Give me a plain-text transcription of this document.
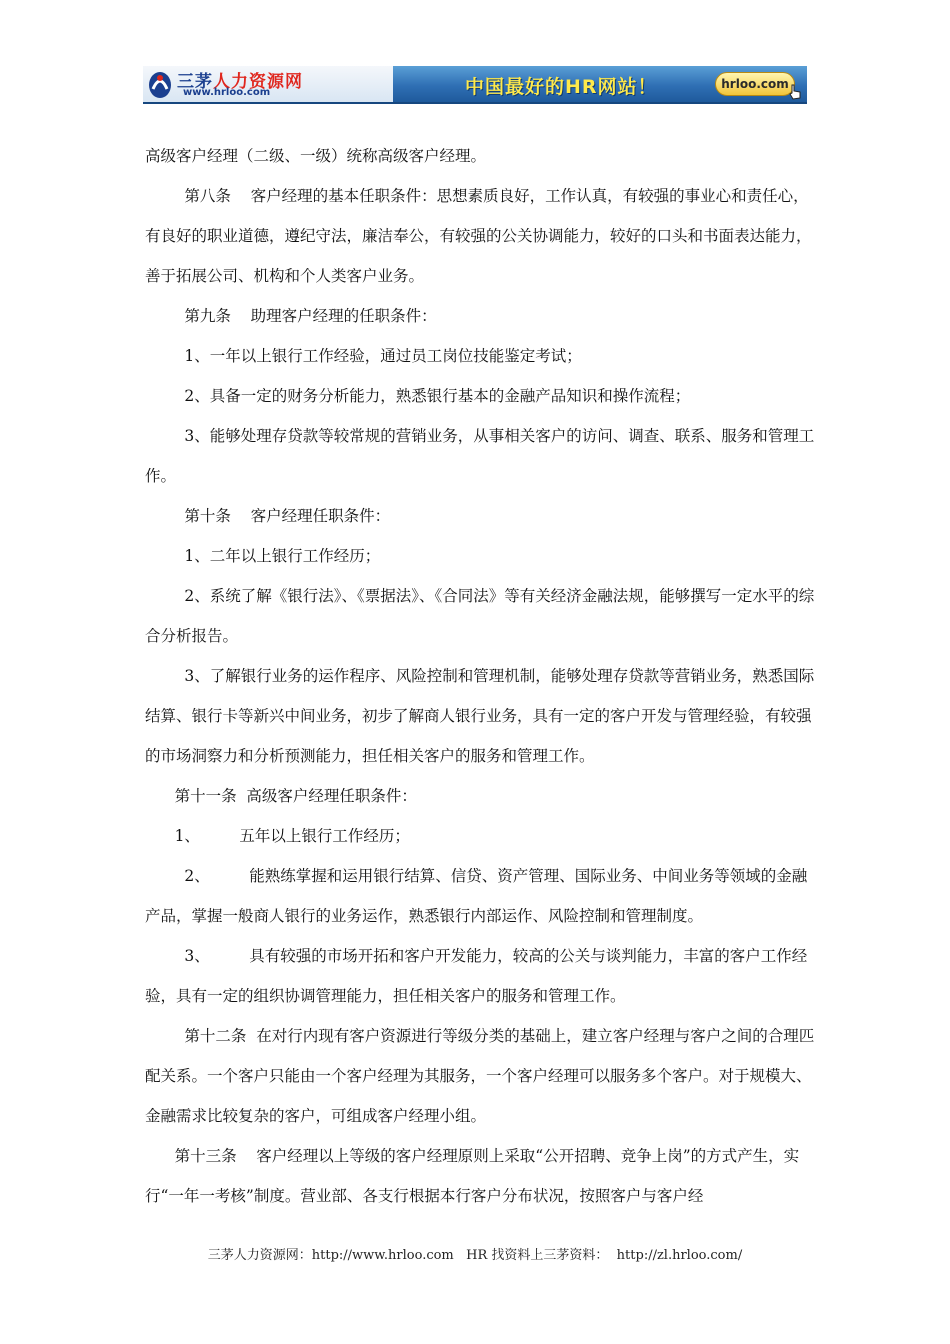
三茅人力资源网
www.hrloo.com	中国最好的HR网站！	hrloo.com

高级客户经理（二级、一级）统称高级客户经理。

第八条    客户经理的基本任职条件：思想素质良好，工作认真，有较强的事业心和责任心，有良好的职业道德，遵纪守法，廉洁奉公，有较强的公关协调能力，较好的口头和书面表达能力，善于拓展公司、机构和个人类客户业务。

第九条    助理客户经理的任职条件：

1、一年以上银行工作经验，通过员工岗位技能鉴定考试；

2、具备一定的财务分析能力，熟悉银行基本的金融产品知识和操作流程；

3、能够处理存贷款等较常规的营销业务，从事相关客户的访问、调查、联系、服务和管理工作。

第十条    客户经理任职条件：

1、二年以上银行工作经历；

2、系统了解《银行法》、《票据法》、《合同法》等有关经济金融法规，能够撰写一定水平的综合分析报告。

3、了解银行业务的运作程序、风险控制和管理机制，能够处理存贷款等营销业务，熟悉国际结算、银行卡等新兴中间业务，初步了解商人银行业务，具有一定的客户开发与管理经验，有较强的市场洞察力和分析预测能力，担任相关客户的服务和管理工作。

第十一条  高级客户经理任职条件：

1、        五年以上银行工作经历；

2、        能熟练掌握和运用银行结算、信贷、资产管理、国际业务、中间业务等领域的金融产品，掌握一般商人银行的业务运作，熟悉银行内部运作、风险控制和管理制度。

3、        具有较强的市场开拓和客户开发能力，较高的公关与谈判能力，丰富的客户工作经验，具有一定的组织协调管理能力，担任相关客户的服务和管理工作。

第十二条  在对行内现有客户资源进行等级分类的基础上，建立客户经理与客户之间的合理匹配关系。一个客户只能由一个客户经理为其服务，一个客户经理可以服务多个客户。对于规模大、金融需求比较复杂的客户，可组成客户经理小组。

第十三条    客户经理以上等级的客户经理原则上采取“公开招聘、竞争上岗”的方式产生，实行“一年一考核”制度。营业部、各支行根据本行客户分布状况，按照客户与客户经

三茅人力资源网：http://www.hrloo.com   HR 找资料上三茅资料：  http://zl.hrloo.com/
